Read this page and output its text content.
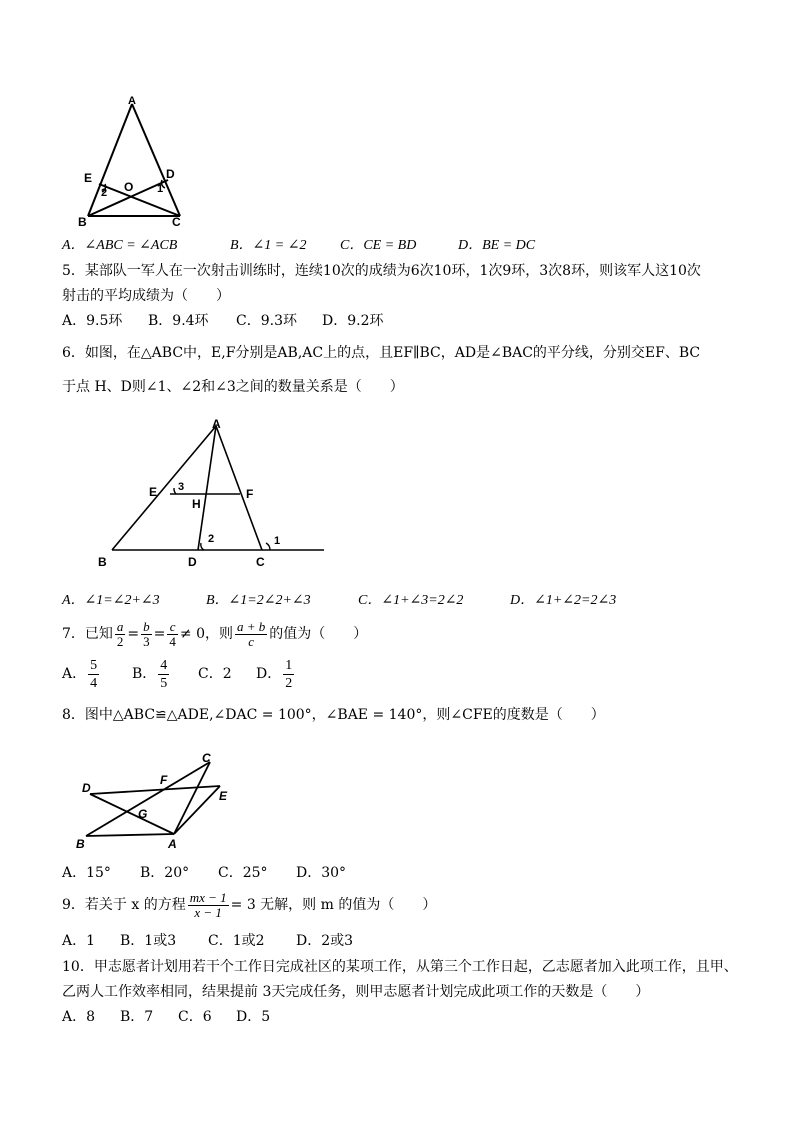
A
E	D
O
B	C
1
2
A．∠ABC = ∠ACB	B．∠1 = ∠2 C．CE = BD	D．BE = DC
5．某部队一军人在一次射击训练时，连续10次的成绩为6次10环，1次9环，3次8环，则该军人这10次
射击的平均成绩为（　　）
A．9.5环 B．9.4环 C．9.3环 D．9.2环
6．如图，在△ABC中，E,F分别是AB,AC上的点，且EF∥BC，AD是∠BAC的平分线，分别交EF、BC
于点 H、D则∠1、∠2和∠3之间的数量关系是（　　）
A
E 3
H
F
2	1
B	D	C
A．∠1=∠2+∠3	B．∠1=2∠2+∠3	C．∠1+∠3=2∠2	D．∠1+∠2=2∠3
7．已知 $\frac{a}{2} = \frac{b}{3} = \frac{c}{4} \ne 0$，则 $\frac{a + b}{c}$ 的值为（　　）
A． $\frac{5}{4}$ B． $\frac{4}{5}$ C．2 D． $\frac{1}{2}$
8．图中△ABC≌△ADE,∠DAC = 100°，∠BAE = 140°，则∠CFE的度数是（　　）
C
D
F
E
G
B	A
A．15° B．20° C．25° D．30°
9．若关于 x 的方程 $\frac{mx - 1}{x - 1} = 3$ 无解，则 m 的值为（　　）
A．1 B．1或3 C．1或2 D．2或3
10．甲志愿者计划用若干个工作日完成社区的某项工作，从第三个工作日起，乙志愿者加入此项工作，且甲、
乙两人工作效率相同，结果提前 3天完成任务，则甲志愿者计划完成此项工作的天数是（　　）
A．8 B．7 C．6 D．5
